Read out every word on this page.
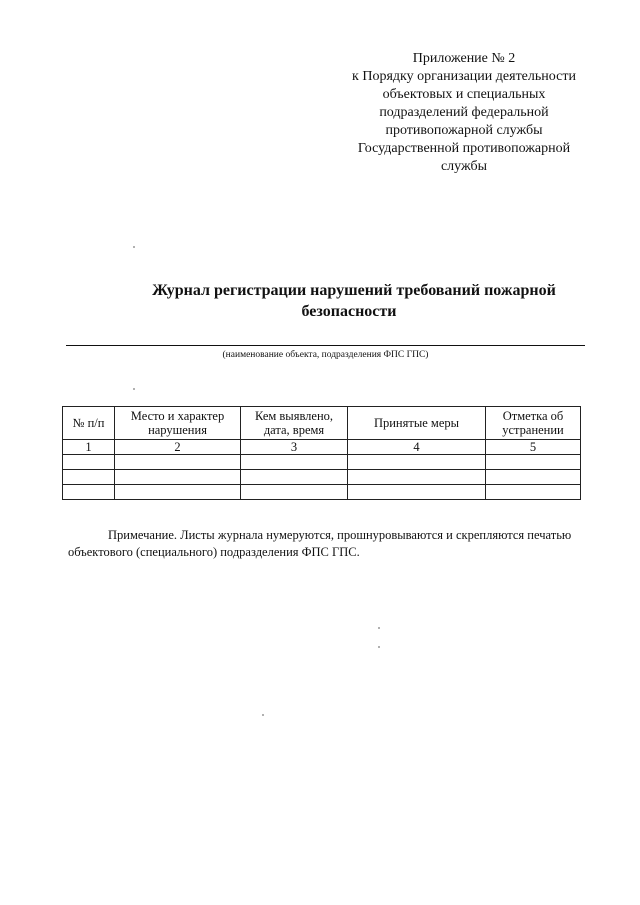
Приложение № 2
к Порядку организации деятельности
объектовых и специальных
подразделений федеральной
противопожарной службы
Государственной противопожарной
службы
Журнал регистрации нарушений требований пожарной
безопасности
(наименование объекта, подразделения ФПС ГПС)
№ п/п	Место и характер нарушения	Кем выявлено, дата, время	Принятые меры	Отметка об устранении
1	2	3	4	5

Примечание. Листы журнала нумеруются, прошнуровываются и скрепляются печатью
объектового (специального) подразделения ФПС ГПС.
